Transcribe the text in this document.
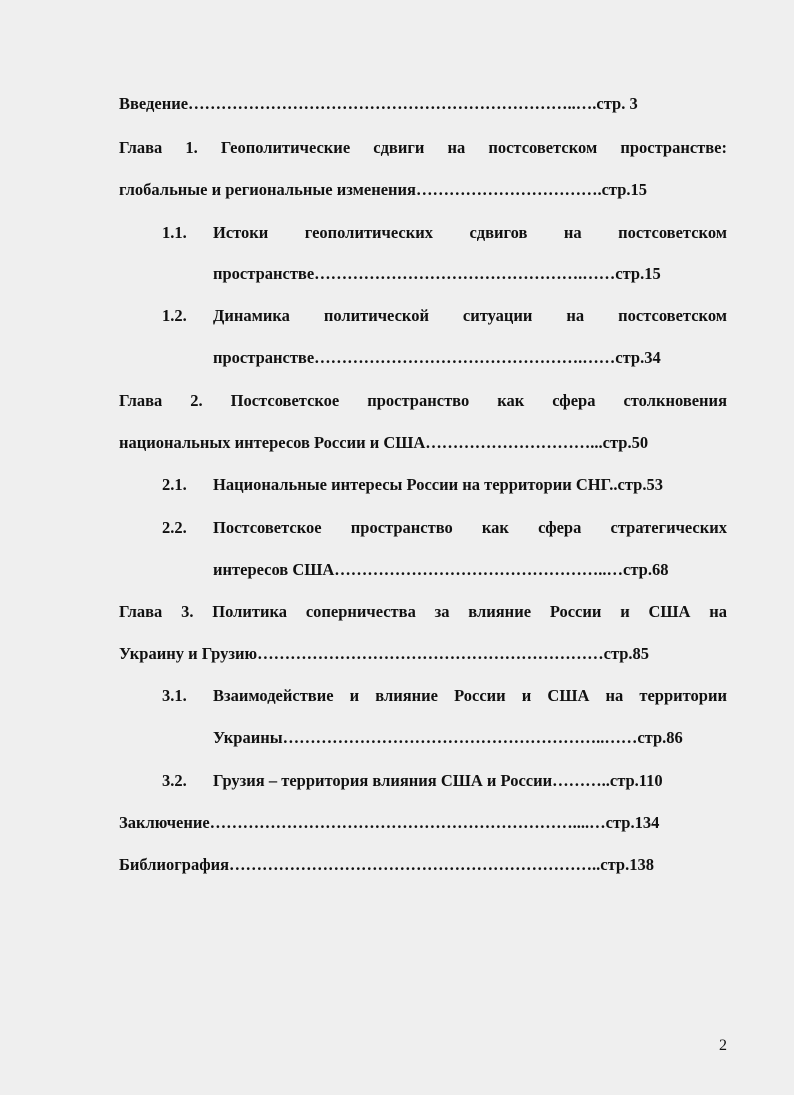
Введение……………………………………………………………..….стр. 3
Глава 1. Геополитические сдвиги на постсоветском пространстве:
глобальные и региональные изменения…………………………….стр.15
1.1. Истоки геополитических сдвигов на постсоветском
пространстве………………………………………….……стр.15
1.2. Динамика политической ситуации на постсоветском
пространстве………………………………………….……стр.34
Глава 2. Постсоветское пространство как сфера столкновения
национальных интересов России и США…………………………...стр.50
2.1. Национальные интересы России на территории СНГ..стр.53
2.2. Постсоветское пространство как сфера стратегических
интересов США…………………………………………..…стр.68
Глава 3. Политика соперничества за влияние России и США на
Украину и Грузию………………………………………………………стр.85
3.1. Взаимодействие и влияние России и США на территории
Украины…………………………………………………..……стр.86
3.2. Грузия – территория влияния США и России………..стр.110
Заключение…………………………………………………………....…стр.134
Библиография…………………………………………………………..стр.138
2
